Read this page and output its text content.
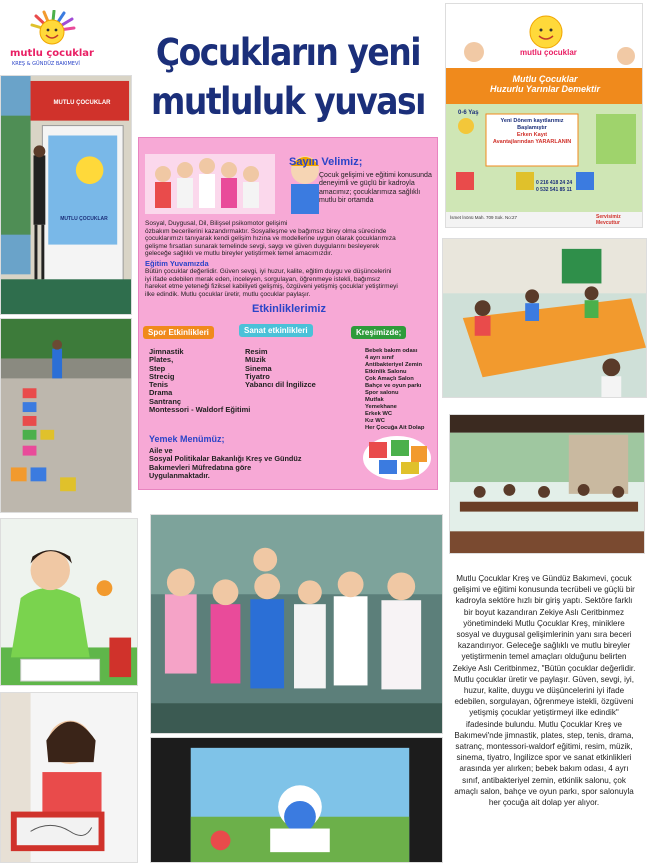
mutlu çocuklar
KREŞ & GÜNDÜZ BAKIMEVİ	Çocukların yeni
mutluluk yuvası
MUTLU ÇOCUKLAR
MUTLU ÇOCUKLAR
mutlu çocuklar
Mutlu Çocuklar
Huzurlu Yarınlar Demektir
0-6 Yaş
Yeni Dönem kayıtlarımız
Başlamıştır
Erken Kayıt
Avantajlarından YARARLANIN
0 216 418 24 24
0 532 541 85 11
İsmet İnönü Mah. 709 Sok. No:27	Servisimiz Mevcuttur
Sayın Velimiz;
Çocuk gelişimi ve eğitimi konusunda deneyimli ve güçlü bir kadroyla amacımız; çocuklarımıza sağlıklı mutlu bir ortamda
Sosyal, Duygusal, Dil, Bilişsel psikomotor gelişimi
özbakım becerilerini kazandırmaktır. Sosyalleşme ve bağımsız birey olma sürecinde
çocuklarımızı tanıyarak kendi gelişim hızına ve modellerine uygun olarak çocuklarımıza
gelişme fırsatları sunarak temelinde sevgi, saygı ve güven duygularını besleyerek
geleceğe sağlıklı ve mutlu bireyler yetiştirmek temel amacımızdır.
Eğitim Yuvamızda
Bütün çocuklar değerlidir. Güven sevgi, iyi huzur, kalite, eğitim duygu ve düşüncelerini
iyi ifade edebilen merak eden, inceleyen, sorgulayan, öğrenmeye istekli, bağımsız
hareket etme yeteneği fiziksel kabiliyeti gelişmiş, özgüveni yetişmiş çocuklar yetiştirmeyi
ilke edindik. Mutlu çocuklar üretir, mutlu çocuklar paylaşır.
Etkinliklerimiz
Spor Etkinlikleri	Sanat etkinlikleri	Kreşimizde;
Jimnastik
Plates,
Step
Strecig
Tenis
Drama
Santranç
Montessori - Waldorf Eğitimi
Resim
Müzik
Sinema
Tiyatro
Yabancı dil İngilizce
Bebek bakım odası
4 ayrı sınıf
Antibakteriyel Zemin
Etkinlik Salonu
Çok Amaçlı Salon
Bahçe ve oyun parkı
Spor salonu
Mutfak
Yemekhane
Erkek WC
Kız WC
Her Çocuğa Ait Dolap
Yemek Menümüz;
Aile ve
Sosyal Politikalar Bakanlığı Kreş ve Gündüz
Bakımevleri Müfredatına göre
Uygulanmaktadır.
Mutlu Çocuklar Kreş ve Gündüz Bakımevi, çocuk gelişimi ve eğitimi konusunda tecrübeli ve güçlü bir kadroyla sektöre hızlı bir giriş yaptı. Sektöre farklı bir boyut kazandıran Zekiye Aslı Ceritbinmez yönetimindeki Mutlu Çocuklar Kreş, miniklere sosyal ve duygusal gelişimlerinin yanı sıra beceri kazandırıyor. Geleceğe sağlıklı ve mutlu bireyler yetiştirmenin temel amaçları olduğunu belirten Zekiye Aslı Ceritbinmez, "Bütün çocuklar değerlidir. Mutlu çocuklar üretir ve paylaşır. Güven, sevgi, iyi, huzur, kalite, duygu ve düşüncelerini iyi ifade edebilen, sorgulayan, öğrenmeye istekli, özgüveni yetişmiş çocuklar yetiştirmeyi ilke edindik" ifadesinde bulundu. Mutlu Çocuklar Kreş ve Bakımevi'nde jimnastik, plates, step, tenis, drama, satranç, montessori-waldorf eğitimi, resim, müzik, sinema, tiyatro, İngilizce spor ve sanat etkinlikleri arasında yer alırken; bebek bakım odası, 4 ayrı sınıf, antibakteriyel zemin, etkinlik salonu, çok amaçlı salon, bahçe ve oyun parkı, spor salonuyla her çocuğa ait dolap yer alıyor.
